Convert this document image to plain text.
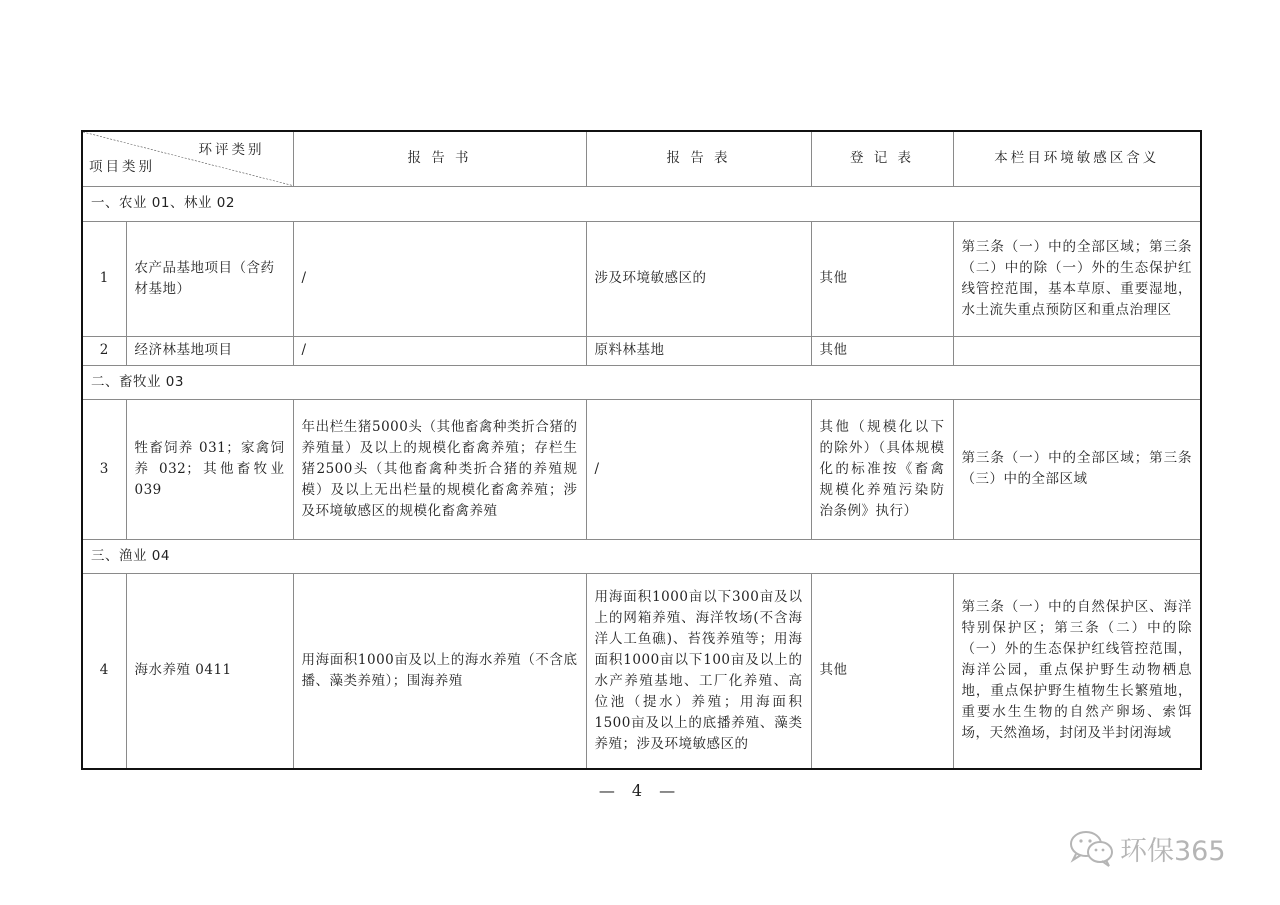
环评类别
项目类别		报 告 书	报 告 表	登 记 表	本栏目环境敏感区含义
一、农业 01、林业 02					
1	农产品基地项目（含药材基地）	/	涉及环境敏感区的	其他	第三条（一）中的全部区域；第三条（二）中的除（一）外的生态保护红线管控范围，基本草原、重要湿地，水土流失重点预防区和重点治理区
2	经济林基地项目	/	原料林基地	其他	
二、畜牧业 03					
3	牲畜饲养 031；家禽饲养 032；其他畜牧业 039	年出栏生猪5000头（其他畜禽种类折合猪的养殖量）及以上的规模化畜禽养殖；存栏生猪2500头（其他畜禽种类折合猪的养殖规模）及以上无出栏量的规模化畜禽养殖；涉及环境敏感区的规模化畜禽养殖	/	其他（规模化以下的除外）（具体规模化的标准按《畜禽规模化养殖污染防治条例》执行）	第三条（一）中的全部区域；第三条（三）中的全部区域
三、渔业 04					
4	海水养殖 0411	用海面积1000亩及以上的海水养殖（不含底播、藻类养殖）；围海养殖	用海面积1000亩以下300亩及以上的网箱养殖、海洋牧场(不含海洋人工鱼礁)、苔筏养殖等；用海面积1000亩以下100亩及以上的水产养殖基地、工厂化养殖、高位池（提水）养殖；用海面积1500亩及以上的底播养殖、藻类养殖；涉及环境敏感区的	其他	第三条（一）中的自然保护区、海洋特别保护区；第三条（二）中的除（一）外的生态保护红线管控范围，海洋公园，重点保护野生动物栖息地，重点保护野生植物生长繁殖地，重要水生生物的自然产卵场、索饵场，天然渔场，封闭及半封闭海域
— 4 —
环保365
